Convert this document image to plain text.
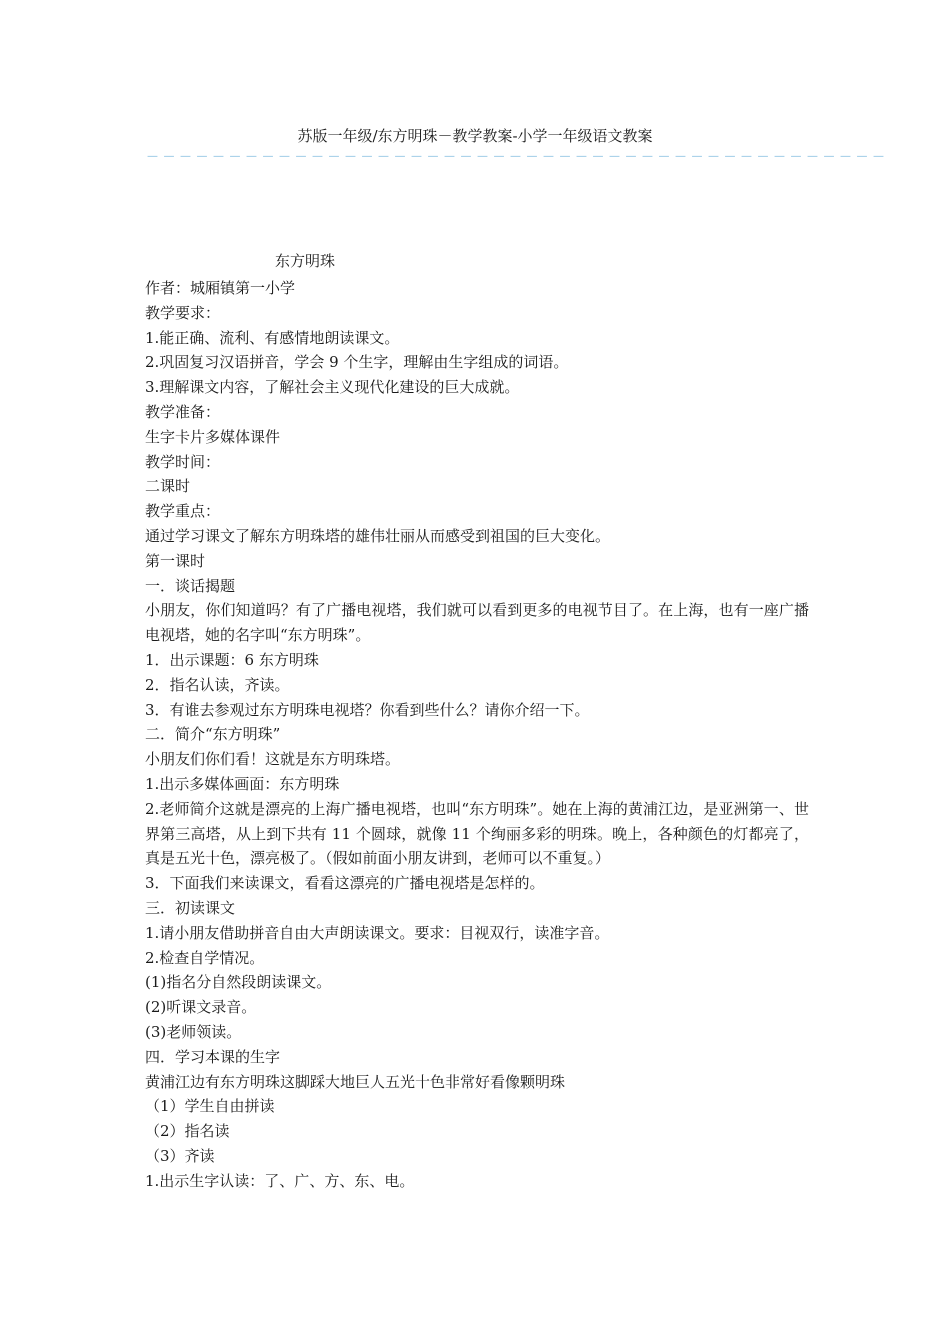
苏版一年级/东方明珠－教学教案-小学一年级语文教案
－－－－－－－－－－－－－－－－－－－－－－－－－－－－－－－－－－－－－－－－－－－－－
东方明珠

作者：城厢镇第一小学

教学要求：

1.能正确、流利、有感情地朗读课文。

2.巩固复习汉语拼音，学会 9 个生字，理解由生字组成的词语。

3.理解课文内容，了解社会主义现代化建设的巨大成就。

教学准备：

生字卡片多媒体课件

教学时间：

二课时

教学重点：

通过学习课文了解东方明珠塔的雄伟壮丽从而感受到祖国的巨大变化。

第一课时

一．谈话揭题

小朋友，你们知道吗？有了广播电视塔，我们就可以看到更多的电视节目了。在上海，也有一座广播电视塔，她的名字叫“东方明珠”。

1．出示课题：6 东方明珠

2．指名认读，齐读。

3．有谁去参观过东方明珠电视塔？你看到些什么？请你介绍一下。

二．简介“东方明珠”

小朋友们你们看！这就是东方明珠塔。

1.出示多媒体画面：东方明珠

2.老师简介这就是漂亮的上海广播电视塔，也叫“东方明珠”。她在上海的黄浦江边，是亚洲第一、世界第三高塔，从上到下共有 11 个圆球，就像 11 个绚丽多彩的明珠。晚上，各种颜色的灯都亮了，真是五光十色，漂亮极了。（假如前面小朋友讲到，老师可以不重复。）

3．下面我们来读课文，看看这漂亮的广播电视塔是怎样的。

三．初读课文

1.请小朋友借助拼音自由大声朗读课文。要求：目视双行，读准字音。

2.检查自学情况。

(1)指名分自然段朗读课文。

(2)听课文录音。

(3)老师领读。

四．学习本课的生字

黄浦江边有东方明珠这脚踩大地巨人五光十色非常好看像颗明珠

（1）学生自由拼读

（2）指名读

（3）齐读

1.出示生字认读：了、广、方、东、电。
